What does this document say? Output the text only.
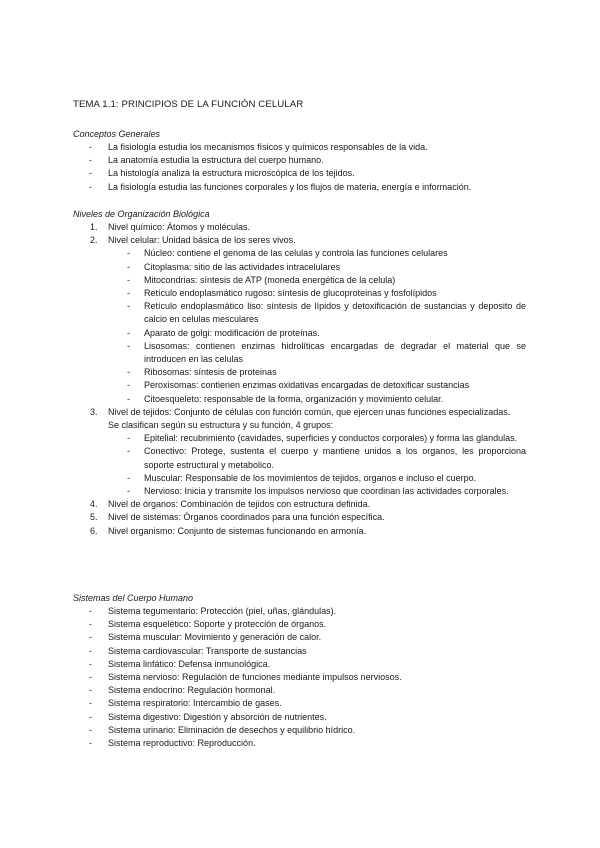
TEMA 1.1: PRINCIPIOS DE LA FUNCIÓN CELULAR
Conceptos Generales
- La fisiología estudia los mecanismos físicos y químicos responsables de la vida.
- La anatomía estudia la estructura del cuerpo humano.
- La histología analiza la estructura microscópica de los tejidos.
- La fisiología estudia las funciones corporales y los flujos de materia, energía e información.
Niveles de Organización Biológica
1. Nivel químico: Átomos y moléculas.
2. Nivel celular: Unidad básica de los seres vivos.
- Núcleo: contiene el genoma de las celulas y controla las funciones celulares
- Citoplasma: sitio de las actividades intracelulares
- Mitocondrias: síntesis de ATP (moneda energética de la celula)
- Retículo endoplasmático rugoso: síntesis de glucoproteinas y fosfolípidos
- Retículo endoplasmático liso: síntesis de lípidos y detoxificación de sustancias y deposito de calcio en celulas mesculares
- Aparato de golgi: modificación de proteínas.
- Lisosomas: contienen enzimas hidrolíticas encargadas de degradar el material que se introducen en las celulas
- Ribosomas: síntesis de proteinas
- Peroxisomas: contienen enzimas oxidativas encargadas de detoxificar sustancias
- Citoesqueleto: responsable de la forma, organización y movimiento celular.
3. Nivel de tejidos: Conjunto de células con función común, que ejercen unas funciones especializadas.
Se clasifican según su estructura y su función, 4 grupos:
- Epitelial: recubrimiento (cavidades, superficies y conductos corporales) y forma las glandulas.
- Conectivo: Protege, sustenta el cuerpo y mantiene unidos a los organos, les proporciona soporte estructural y metabolico.
- Muscular: Responsable de los movimientos de tejidos, organos e incluso el cuerpo.
- Nervioso: Inicia y transmite los impulsos nervioso que coordinan las actividades corporales.
4. Nivel de órganos: Combinación de tejidos con estructura definida.
5. Nivel de sistemas: Órganos coordinados para una función específica.
6. Nivel organismo: Conjunto de sistemas funcionando en armonía.
Sistemas del Cuerpo Humano
- Sistema tegumentario: Protección (piel, uñas, glándulas).
- Sistema esquelético: Soporte y protección de órganos.
- Sistema muscular: Movimiento y generación de calor.
- Sistema cardiovascular: Transporte de sustancias
- Sistema linfático: Defensa inmunológica.
- Sistema nervioso: Regulación de funciones mediante impulsos nerviosos.
- Sistema endocrino: Regulación hormonal.
- Sistema respiratorio: Intercambio de gases.
- Sistema digestivo: Digestión y absorción de nutrientes.
- Sistema urinario: Eliminación de desechos y equilibrio hídrico.
- Sistema reproductivo: Reproducción.
